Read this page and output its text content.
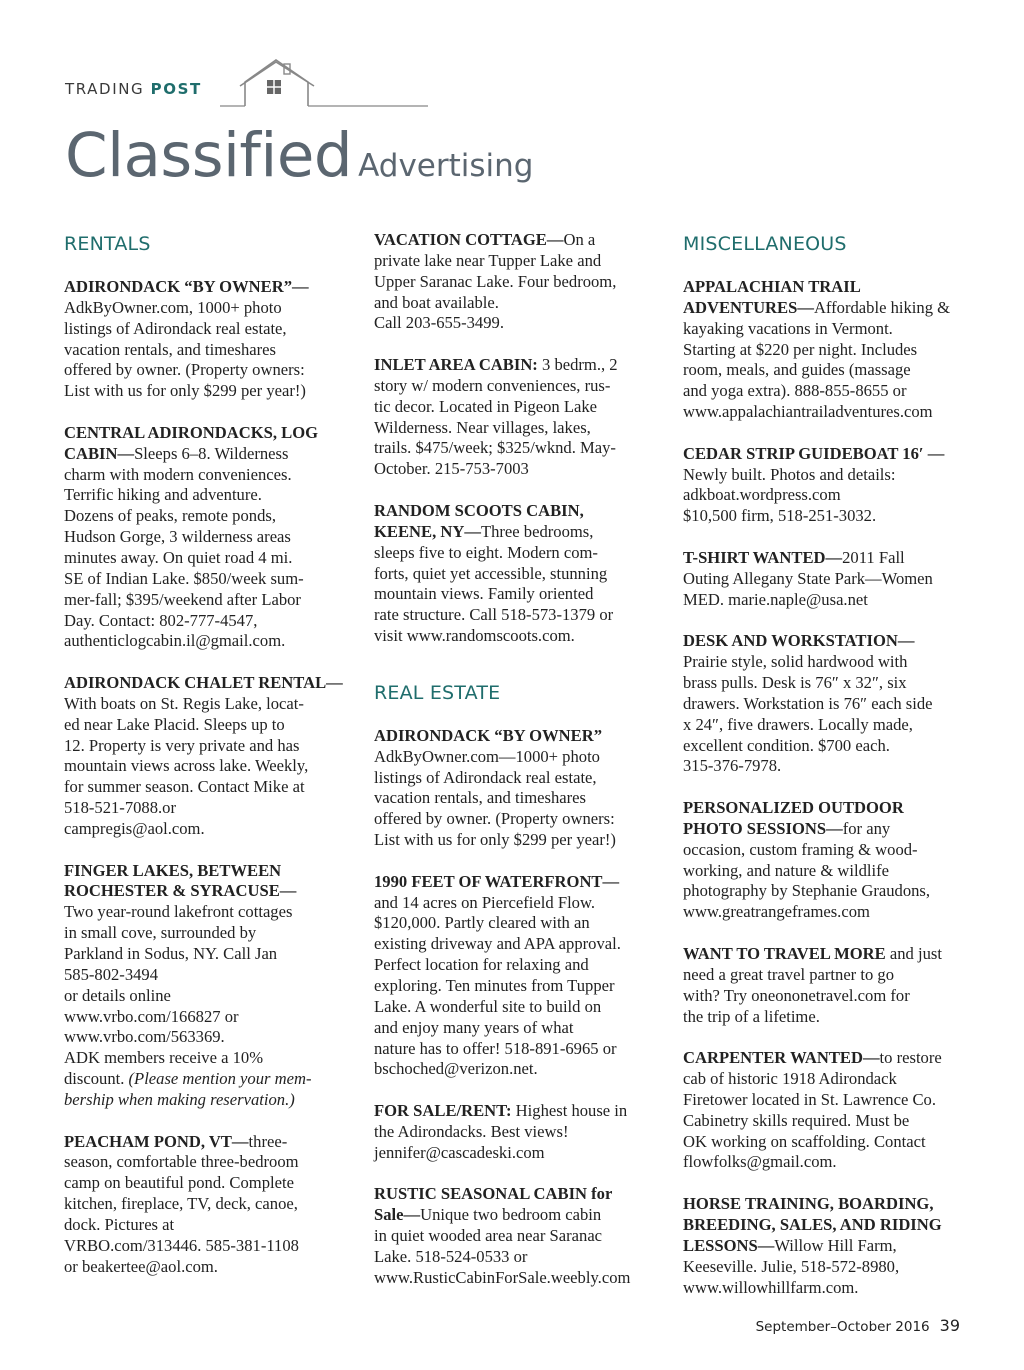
TRADING POST
Classified Advertising
RENTALS
ADIRONDACK “BY OWNER”—
AdkByOwner.com, 1000+ photo
listings of Adirondack real estate,
vacation rentals, and timeshares
offered by owner. (Property owners:
List with us for only $299 per year!)
CENTRAL ADIRONDACKS, LOG
CABIN—Sleeps 6–8. Wilderness
charm with modern conveniences.
Terrific hiking and adventure.
Dozens of peaks, remote ponds,
Hudson Gorge, 3 wilderness areas
minutes away. On quiet road 4 mi.
SE of Indian Lake. $850/week sum-
mer-fall; $395/weekend after Labor
Day. Contact: 802-777-4547,
authenticlogcabin.il@gmail.com.
ADIRONDACK CHALET RENTAL—
With boats on St. Regis Lake, locat-
ed near Lake Placid. Sleeps up to
12. Property is very private and has
mountain views across lake. Weekly,
for summer season. Contact Mike at
518-521-7088.or
campregis@aol.com.
FINGER LAKES, BETWEEN
ROCHESTER & SYRACUSE—
Two year-round lakefront cottages
in small cove, surrounded by
Parkland in Sodus, NY. Call Jan
585-802-3494
or details online
www.vrbo.com/166827 or
www.vrbo.com/563369.
ADK members receive a 10%
discount. (Please mention your mem-
bership when making reservation.)
PEACHAM POND, VT—three-
season, comfortable three-bedroom
camp on beautiful pond. Complete
kitchen, fireplace, TV, deck, canoe,
dock. Pictures at
VRBO.com/313446. 585-381-1108
or beakertee@aol.com.
VACATION COTTAGE—On a
private lake near Tupper Lake and
Upper Saranac Lake. Four bedroom,
and boat available.
Call 203-655-3499.
INLET AREA CABIN: 3 bedrm., 2
story w/ modern conveniences, rus-
tic decor. Located in Pigeon Lake
Wilderness. Near villages, lakes,
trails. $475/week; $325/wknd. May-
October. 215-753-7003
RANDOM SCOOTS CABIN,
KEENE, NY—Three bedrooms,
sleeps five to eight. Modern com-
forts, quiet yet accessible, stunning
mountain views. Family oriented
rate structure. Call 518-573-1379 or
visit www.randomscoots.com.
REAL ESTATE
ADIRONDACK “BY OWNER”
AdkByOwner.com—1000+ photo
listings of Adirondack real estate,
vacation rentals, and timeshares
offered by owner. (Property owners:
List with us for only $299 per year!)
1990 FEET OF WATERFRONT—
and 14 acres on Piercefield Flow.
$120,000. Partly cleared with an
existing driveway and APA approval.
Perfect location for relaxing and
exploring. Ten minutes from Tupper
Lake. A wonderful site to build on
and enjoy many years of what
nature has to offer! 518-891-6965 or
bschoched@verizon.net.
FOR SALE/RENT: Highest house in
the Adirondacks. Best views!
jennifer@cascadeski.com
RUSTIC SEASONAL CABIN for
Sale—Unique two bedroom cabin
in quiet wooded area near Saranac
Lake. 518-524-0533 or
www.RusticCabinForSale.weebly.com
MISCELLANEOUS
APPALACHIAN TRAIL
ADVENTURES—Affordable hiking &
kayaking vacations in Vermont.
Starting at $220 per night. Includes
room, meals, and guides (massage
and yoga extra). 888-855-8655 or
www.appalachiantrailadventures.com
CEDAR STRIP GUIDEBOAT 16′ —
Newly built. Photos and details:
adkboat.wordpress.com
$10,500 firm, 518-251-3032.
T-SHIRT WANTED—2011 Fall
Outing Allegany State Park—Women
MED. marie.naple@usa.net
DESK AND WORKSTATION—
Prairie style, solid hardwood with
brass pulls. Desk is 76″ x 32″, six
drawers. Workstation is 76″ each side
x 24″, five drawers. Locally made,
excellent condition. $700 each.
315-376-7978.
PERSONALIZED OUTDOOR
PHOTO SESSIONS—for any
occasion, custom framing & wood-
working, and nature & wildlife
photography by Stephanie Graudons,
www.greatrangeframes.com
WANT TO TRAVEL MORE and just
need a great travel partner to go
with? Try oneononetravel.com for
the trip of a lifetime.
CARPENTER WANTED—to restore
cab of historic 1918 Adirondack
Firetower located in St. Lawrence Co.
Cabinetry skills required. Must be
OK working on scaffolding. Contact
flowfolks@gmail.com.
HORSE TRAINING, BOARDING,
BREEDING, SALES, AND RIDING
LESSONS—Willow Hill Farm,
Keeseville. Julie, 518-572-8980,
www.willowhillfarm.com.
September–October 2016 39
